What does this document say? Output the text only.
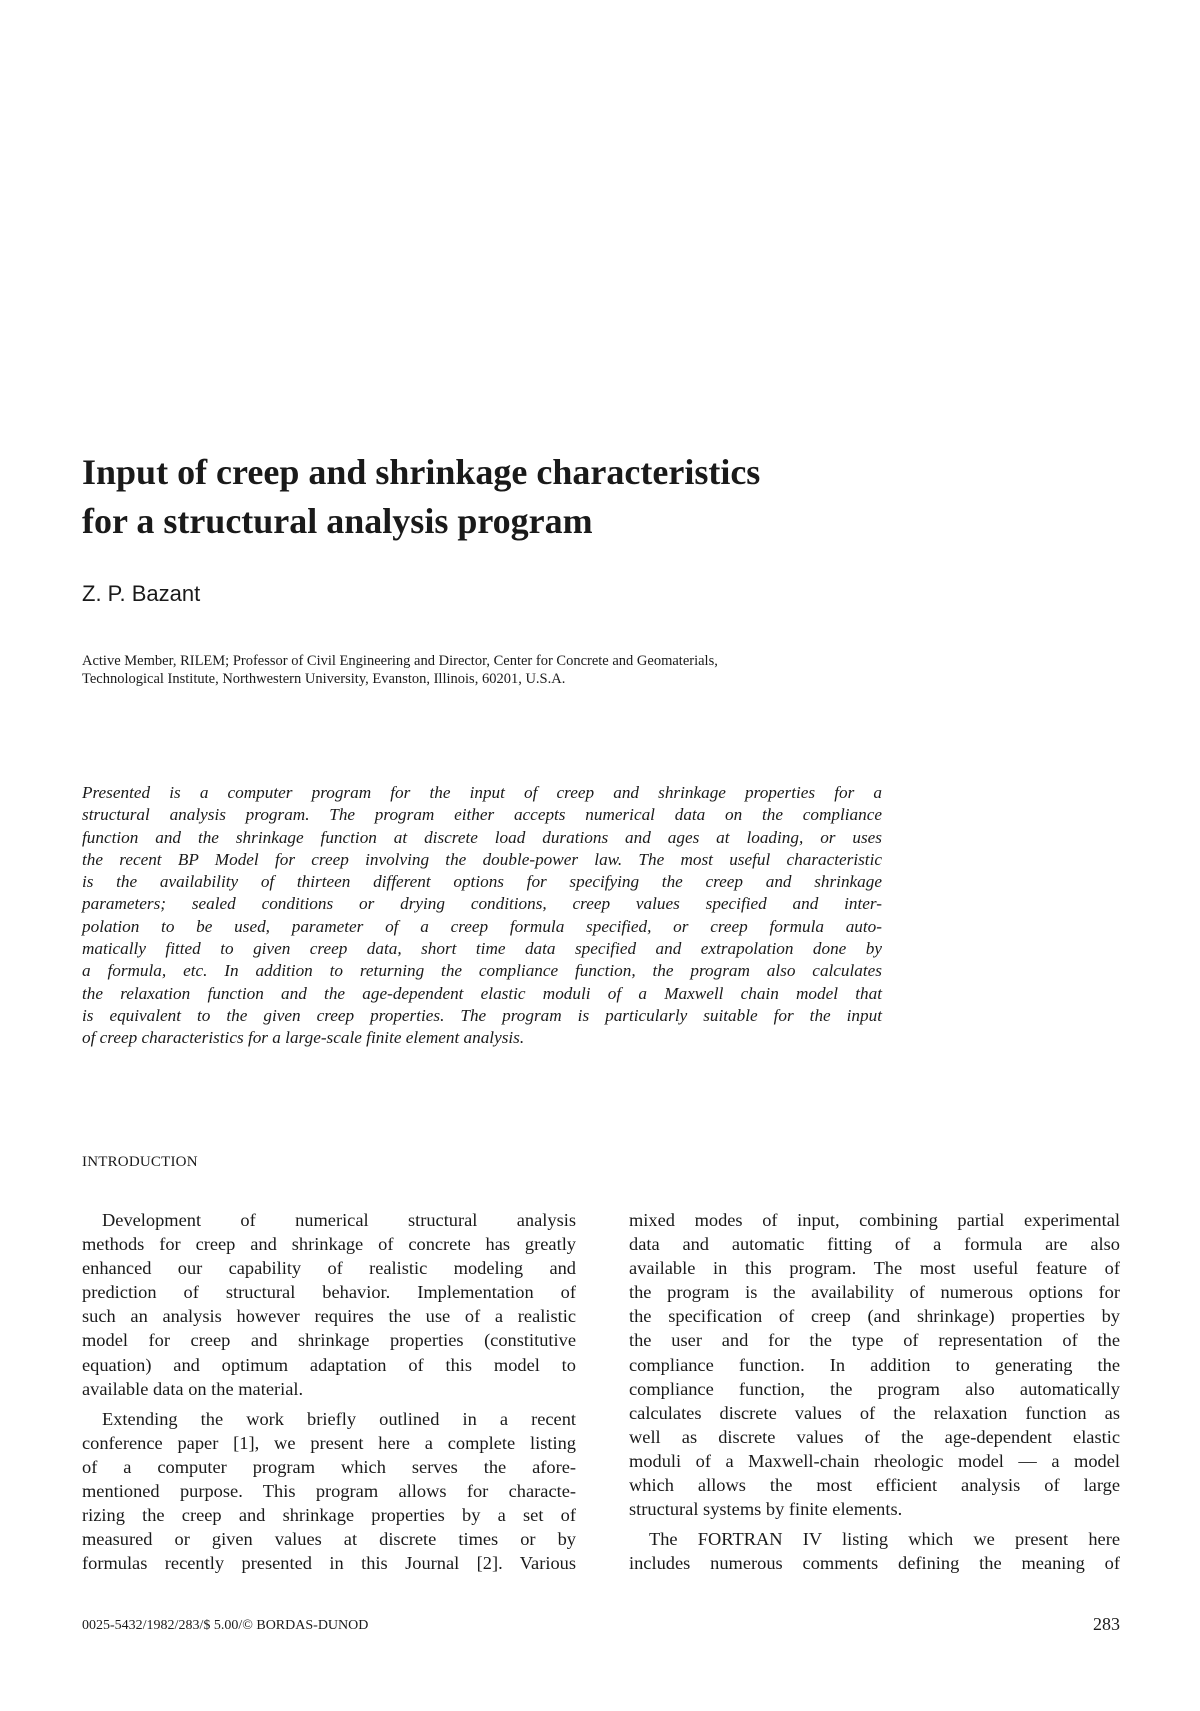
Input of creep and shrinkage characteristics
for a structural analysis program

Z. P. Bazant

Active Member, RILEM; Professor of Civil Engineering and Director, Center for Concrete and Geomaterials,
Technological Institute, Northwestern University, Evanston, Illinois, 60201, U.S.A.

Presented is a computer program for the input of creep and shrinkage properties for a
structural analysis program. The program either accepts numerical data on the compliance
function and the shrinkage function at discrete load durations and ages at loading, or uses
the recent BP Model for creep involving the double-power law. The most useful characteristic
is the availability of thirteen different options for specifying the creep and shrinkage
parameters; sealed conditions or drying conditions, creep values specified and inter-
polation to be used, parameter of a creep formula specified, or creep formula auto-
matically fitted to given creep data, short time data specified and extrapolation done by
a formula, etc. In addition to returning the compliance function, the program also calculates
the relaxation function and the age-dependent elastic moduli of a Maxwell chain model that
is equivalent to the given creep properties. The program is particularly suitable for the input
of creep characteristics for a large-scale finite element analysis.
INTRODUCTION

Development of numerical structural analysis
methods for creep and shrinkage of concrete has greatly
enhanced our capability of realistic modeling and
prediction of structural behavior. Implementation of
such an analysis however requires the use of a realistic
model for creep and shrinkage properties (constitutive
equation) and optimum adaptation of this model to
available data on the material.

Extending the work briefly outlined in a recent
conference paper [1], we present here a complete listing
of a computer program which serves the afore-
mentioned purpose. This program allows for characte-
rizing the creep and shrinkage properties by a set of
measured or given values at discrete times or by
formulas recently presented in this Journal [2]. Various

mixed modes of input, combining partial experimental
data and automatic fitting of a formula are also
available in this program. The most useful feature of
the program is the availability of numerous options for
the specification of creep (and shrinkage) properties by
the user and for the type of representation of the
compliance function. In addition to generating the
compliance function, the program also automatically
calculates discrete values of the relaxation function as
well as discrete values of the age-dependent elastic
moduli of a Maxwell-chain rheologic model — a model
which allows the most efficient analysis of large
structural systems by finite elements.

The FORTRAN IV listing which we present here
includes numerous comments defining the meaning of

0025-5432/1982/283/$ 5.00/© BORDAS-DUNOD	283
